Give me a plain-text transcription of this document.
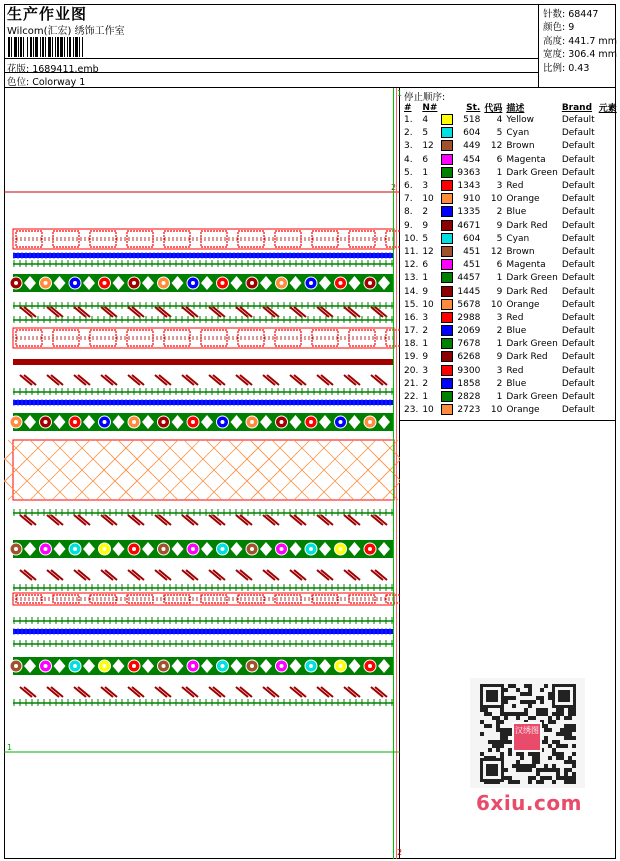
生产作业图
Wilcom(汇宏) 绣饰工作室
花版: 1689411.emb
色位: Colorway 1
针数: 68447
颜色: 9
高度: 441.7 mm
宽度: 306.4 mm
比例: 0.43
2
1
1
2
停止顺序:
#	N#		St.	代码	描述	Brand	元素
1.	4		518	4	Yellow	Default	
2.	5		604	5	Cyan	Default	
3.	12		449	12	Brown	Default	
4.	6		454	6	Magenta	Default	
5.	1		9363	1	Dark Green	Default	
6.	3		1343	3	Red	Default	
7.	10		910	10	Orange	Default	
8.	2		1335	2	Blue	Default	
9.	9		4671	9	Dark Red	Default	
10.	5		604	5	Cyan	Default	
11.	12		451	12	Brown	Default	
12.	6		451	6	Magenta	Default	
13.	1		4457	1	Dark Green	Default	
14.	9		1445	9	Dark Red	Default	
15.	10		5678	10	Orange	Default	
16.	3		2988	3	Red	Default	
17.	2		2069	2	Blue	Default	
18.	1		7678	1	Dark Green	Default	
19.	9		6268	9	Dark Red	Default	
20.	3		9300	3	Red	Default	
21.	2		1858	2	Blue	Default	
22.	1		2828	1	Dark Green	Default	
23.	10		2723	10	Orange	Default	
汉绣图
6xiu.com
